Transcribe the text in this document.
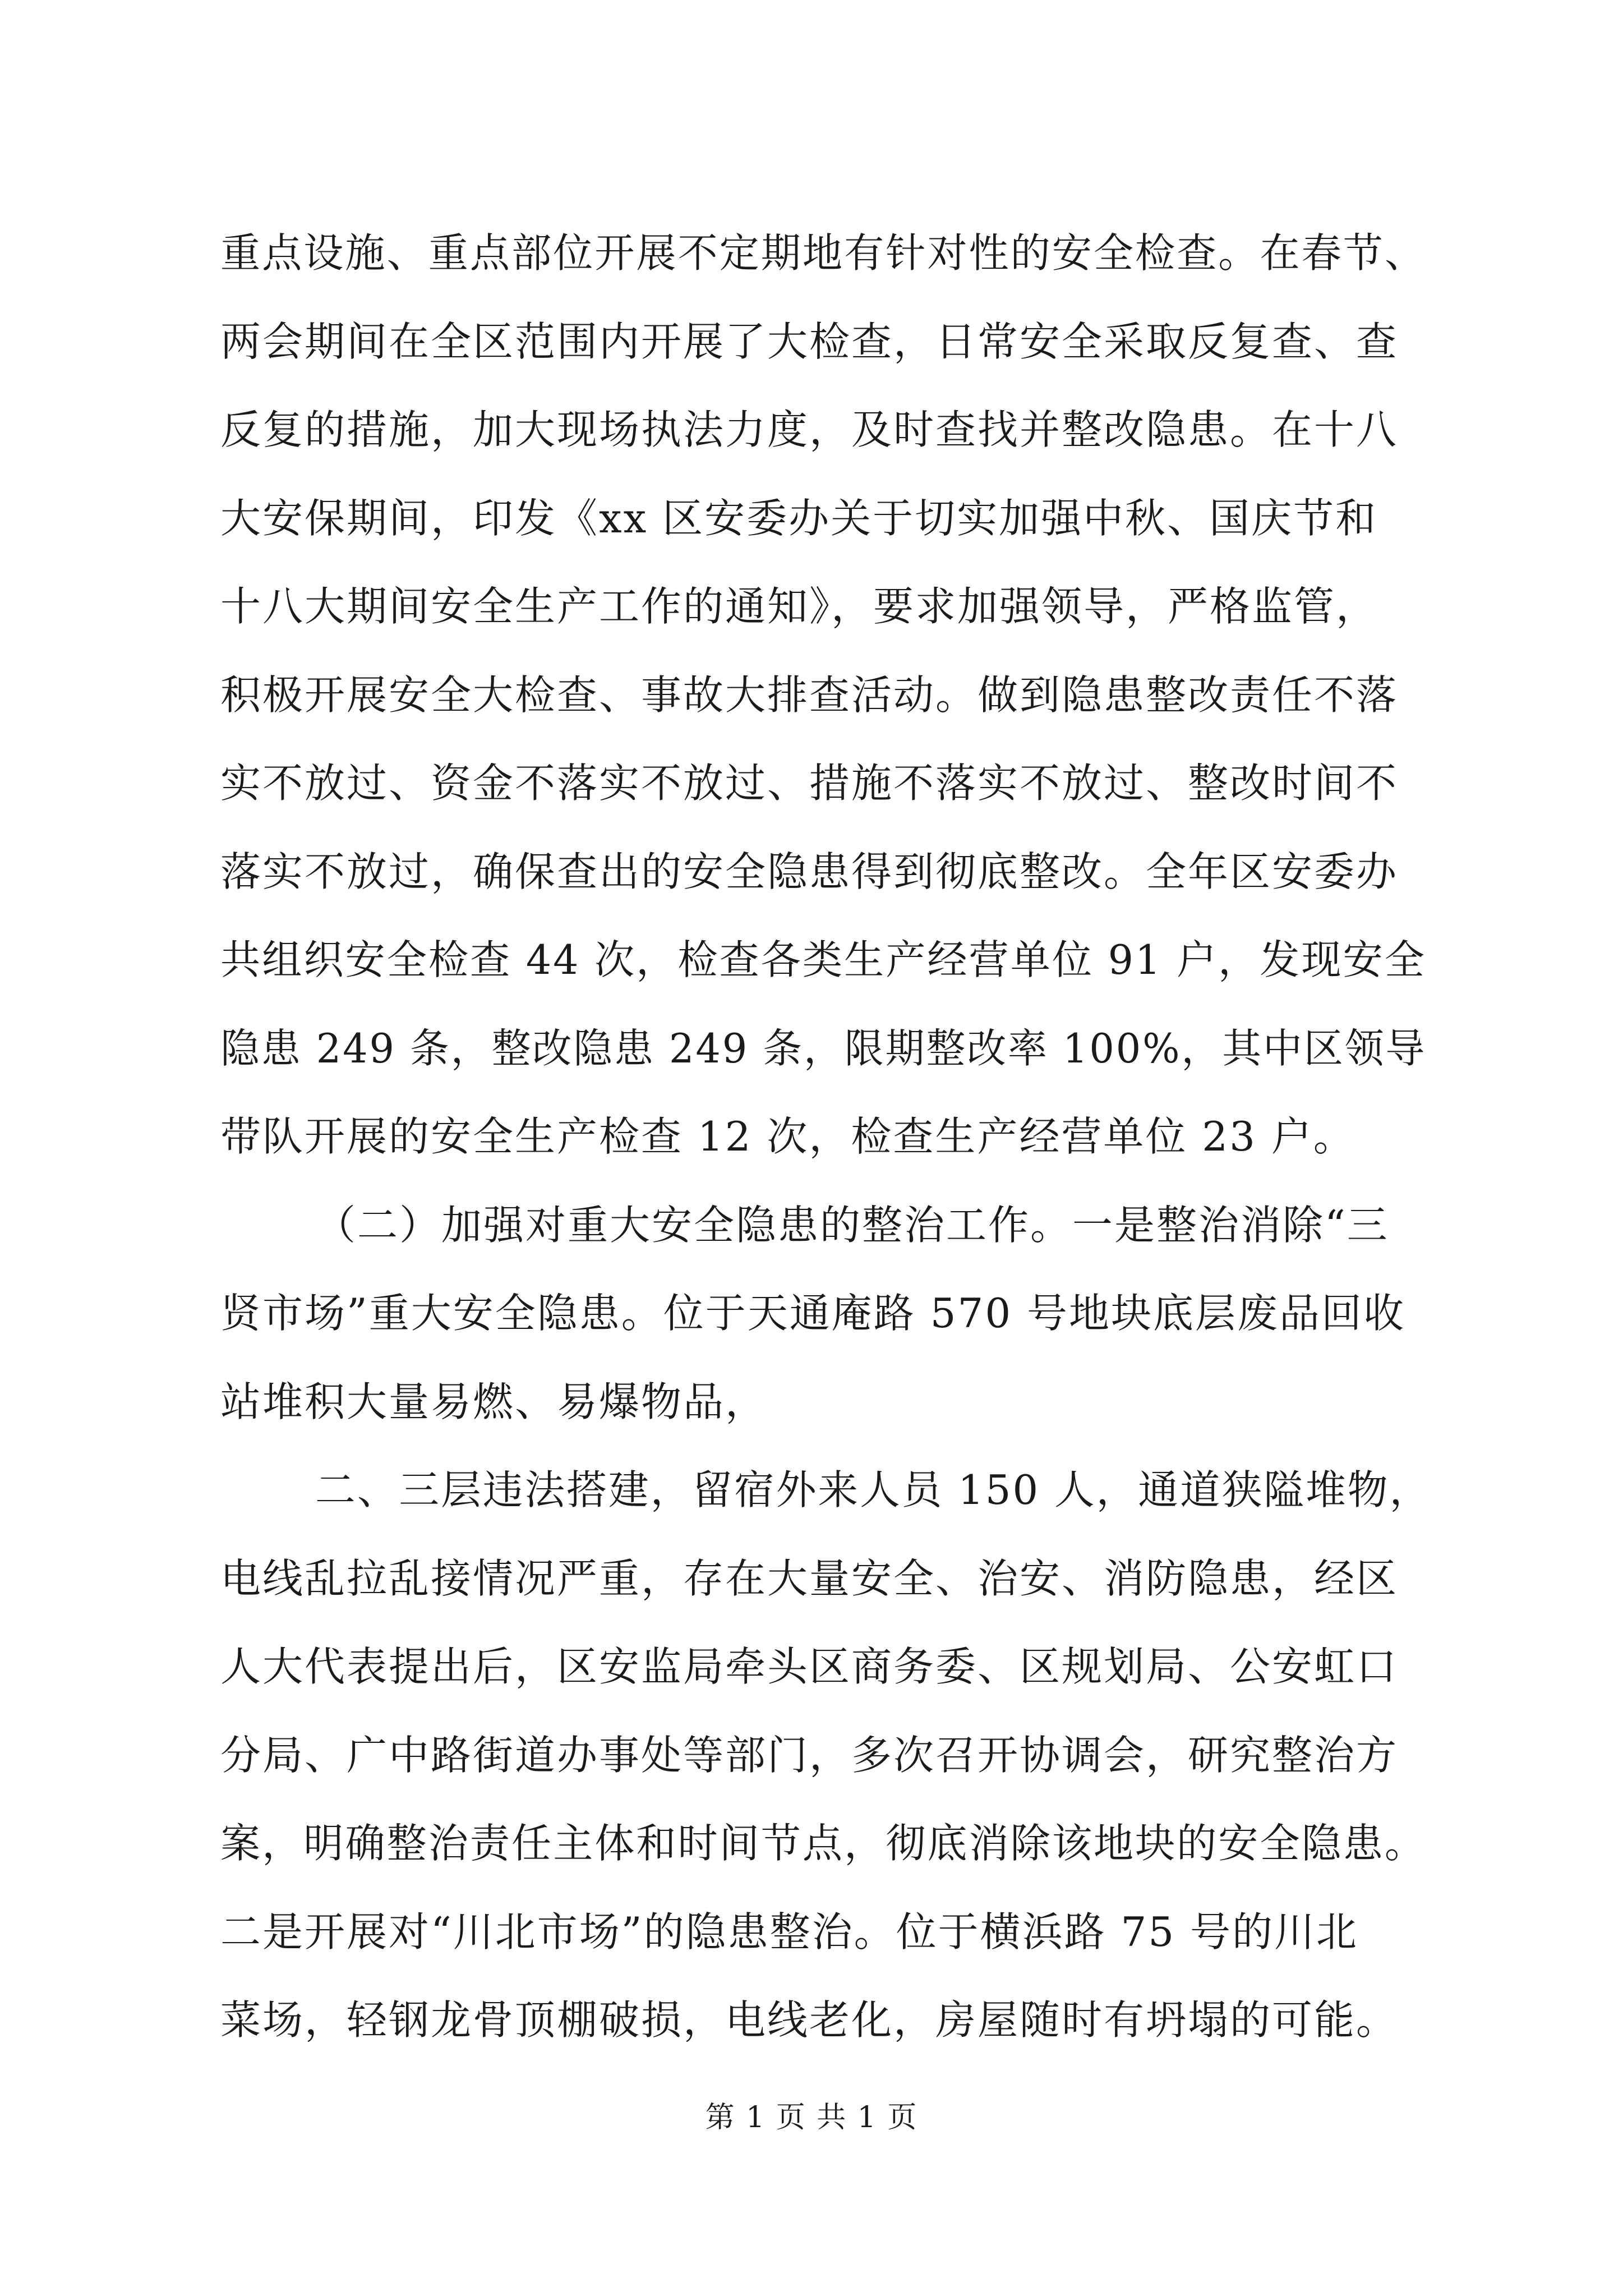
重点设施、重点部位开展不定期地有针对性的安全检查。在春节、
两会期间在全区范围内开展了大检查，日常安全采取反复查、查
反复的措施，加大现场执法力度，及时查找并整改隐患。在十八
大安保期间，印发《xx 区安委办关于切实加强中秋、国庆节和
十八大期间安全生产工作的通知》，要求加强领导，严格监管，
积极开展安全大检查、事故大排查活动。做到隐患整改责任不落
实不放过、资金不落实不放过、措施不落实不放过、整改时间不
落实不放过，确保查出的安全隐患得到彻底整改。全年区安委办
共组织安全检查 44 次，检查各类生产经营单位 91 户，发现安全
隐患 249 条，整改隐患 249 条，限期整改率 100%，其中区领导
带队开展的安全生产检查 12 次，检查生产经营单位 23 户。
（二）加强对重大安全隐患的整治工作。一是整治消除“三
贤市场”重大安全隐患。位于天通庵路 570 号地块底层废品回收
站堆积大量易燃、易爆物品，
二、三层违法搭建，留宿外来人员 150 人，通道狭隘堆物，
电线乱拉乱接情况严重，存在大量安全、治安、消防隐患，经区
人大代表提出后，区安监局牵头区商务委、区规划局、公安虹口
分局、广中路街道办事处等部门，多次召开协调会，研究整治方
案，明确整治责任主体和时间节点，彻底消除该地块的安全隐患。
二是开展对“川北市场”的隐患整治。位于横浜路 75 号的川北
菜场，轻钢龙骨顶棚破损，电线老化，房屋随时有坍塌的可能。
第 1 页 共 1 页
